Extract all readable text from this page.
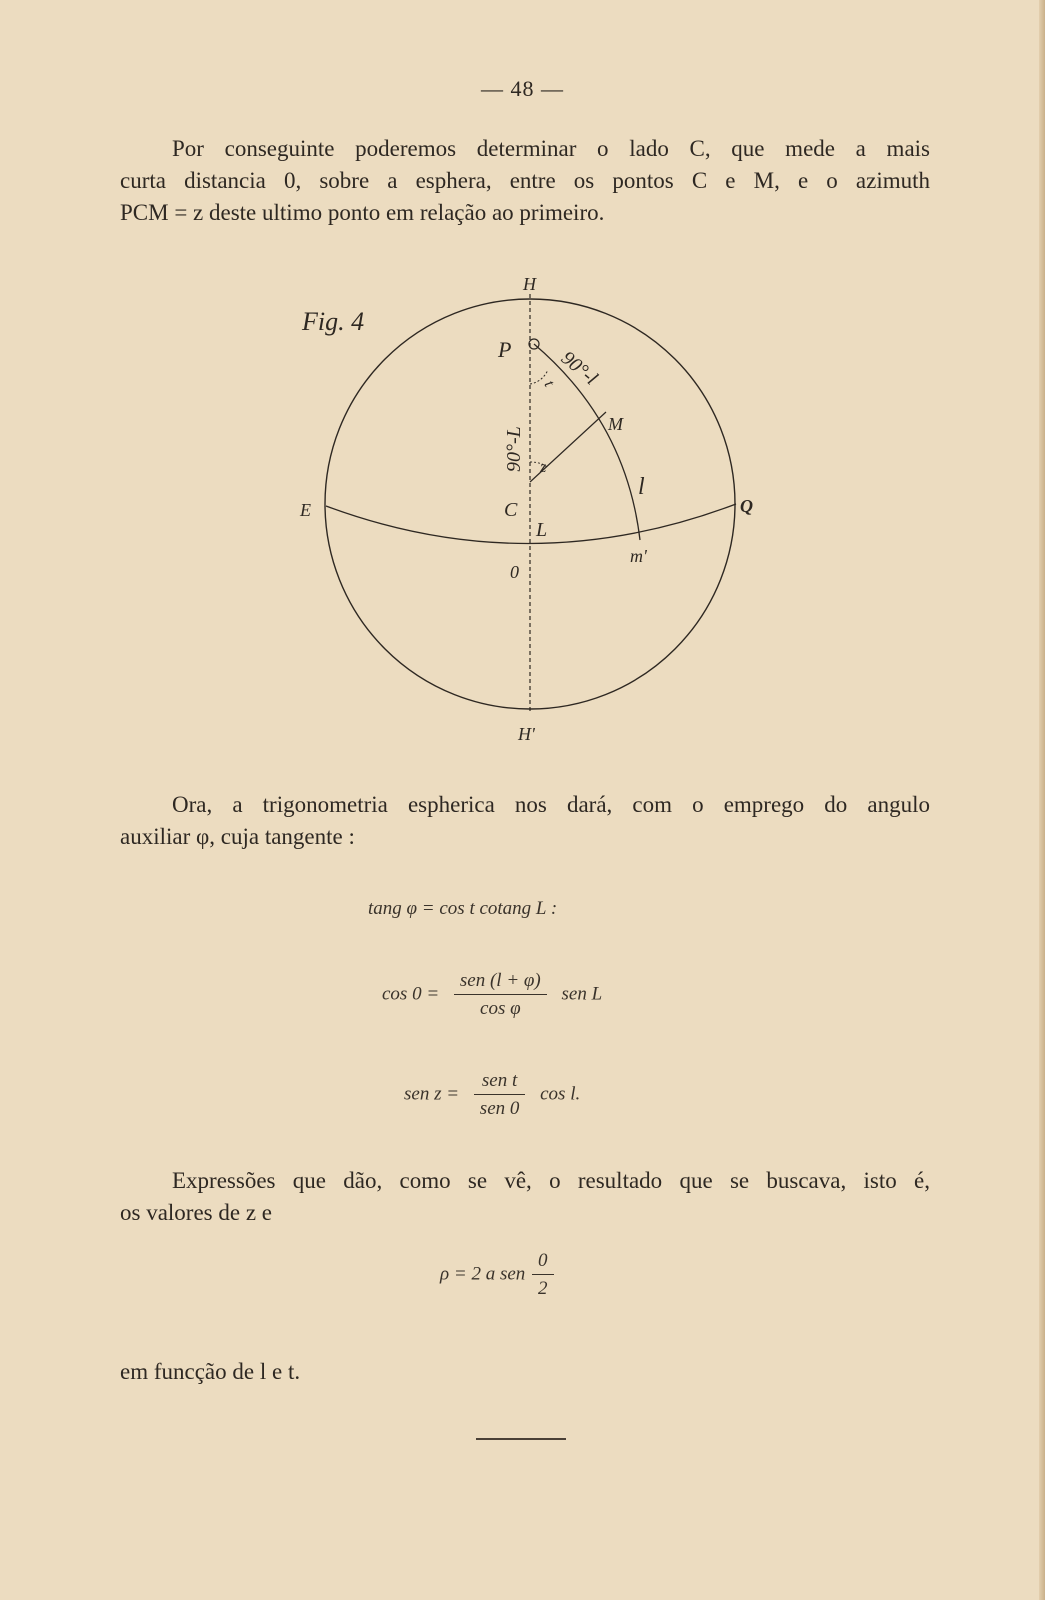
— 48 —
Por conseguinte poderemos determinar o lado C, que mede a mais
curta distancia 0, sobre a esphera, entre os pontos C e M, e o azimuth
PCM = z deste ultimo ponto em relação ao primeiro.
Fig. 4
H
P
M
E	Q
C
L
0
m'
l
H'
90°-L
90°-l
t
z
Ora, a trigonometria espherica nos dará, com o emprego do angulo
auxiliar φ, cuja tangente :
tang φ = cos t cotang L :
$\cos 0 = \frac{\text{sen (l + φ)}}{\text{cos φ}}$ sen L
sen $z = \frac{\text{sen t}}{\text{sen 0}}$ cos l.
Expressões que dão, como se vê, o resultado que se buscava, isto é,
os valores de z e
ρ = 2 a sen $\frac{0}{2}$
em funcção de l e t.
